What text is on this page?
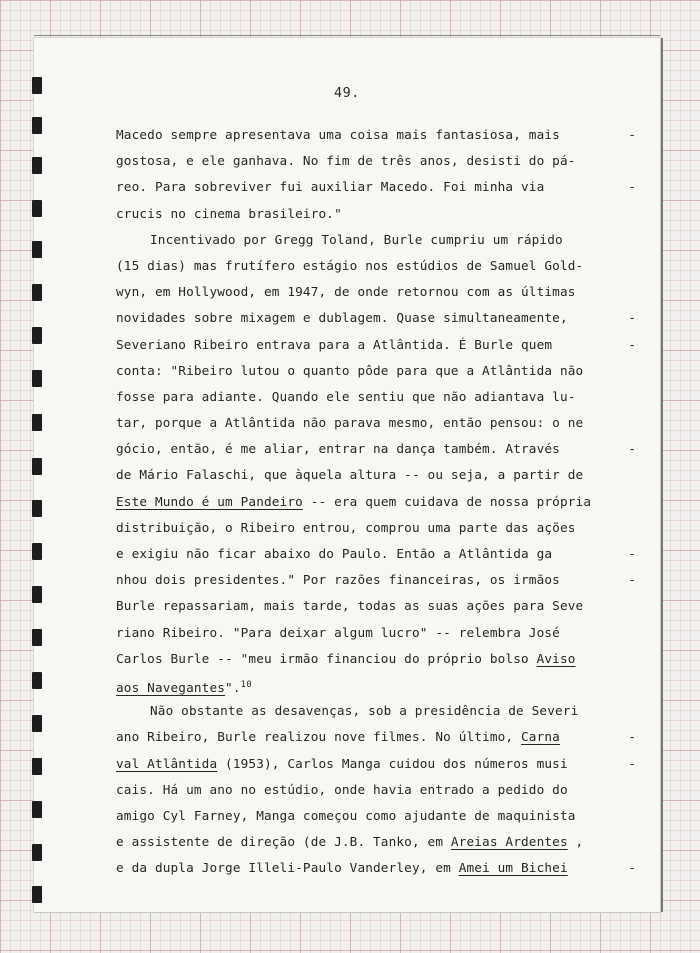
49.
Macedo sempre apresentava uma coisa mais fantasiosa, mais	-
gostosa, e ele ganhava. No fim de três anos, desisti do pá-
reo. Para sobreviver fui auxiliar Macedo. Foi minha via	-
crucis no cinema brasileiro."
Incentivado por Gregg Toland, Burle cumpriu um rápido
(15 dias) mas frutífero estágio nos estúdios de Samuel Gold-
wyn, em Hollywood, em 1947, de onde retornou com as últimas
novidades sobre mixagem e dublagem. Quase simultaneamente,	-
Severiano Ribeiro entrava para a Atlântida. É Burle quem	-
conta: "Ribeiro lutou o quanto pôde para que a Atlântida não
fosse para adiante. Quando ele sentiu que não adiantava lu-
tar, porque a Atlântida não parava mesmo, então pensou: o ne
gócio, então, é me aliar, entrar na dança também. Através	-
de Mário Falaschi, que àquela altura -- ou seja, a partir de
Este Mundo é um Pandeiro -- era quem cuidava de nossa própria
distribuição, o Ribeiro entrou, comprou uma parte das ações
e exigiu não ficar abaixo do Paulo. Então a Atlântida ga	-
nhou dois presidentes." Por razões financeiras, os irmãos	-
Burle repassariam, mais tarde, todas as suas ações para Seve
riano Ribeiro. "Para deixar algum lucro" -- relembra José
Carlos Burle -- "meu irmão financiou do próprio bolso Aviso
aos Navegantes".$^{10}$
Não obstante as desavenças, sob a presidência de Severi
ano Ribeiro, Burle realizou nove filmes. No último, Carna	-
val Atlântida (1953), Carlos Manga cuidou dos números musi	-
cais. Há um ano no estúdio, onde havia entrado a pedido do
amigo Cyl Farney, Manga começou como ajudante de maquinista
e assistente de direção (de J.B. Tanko, em Areias Ardentes ,
e da dupla Jorge Illeli-Paulo Vanderley, em Amei um Bichei	-
